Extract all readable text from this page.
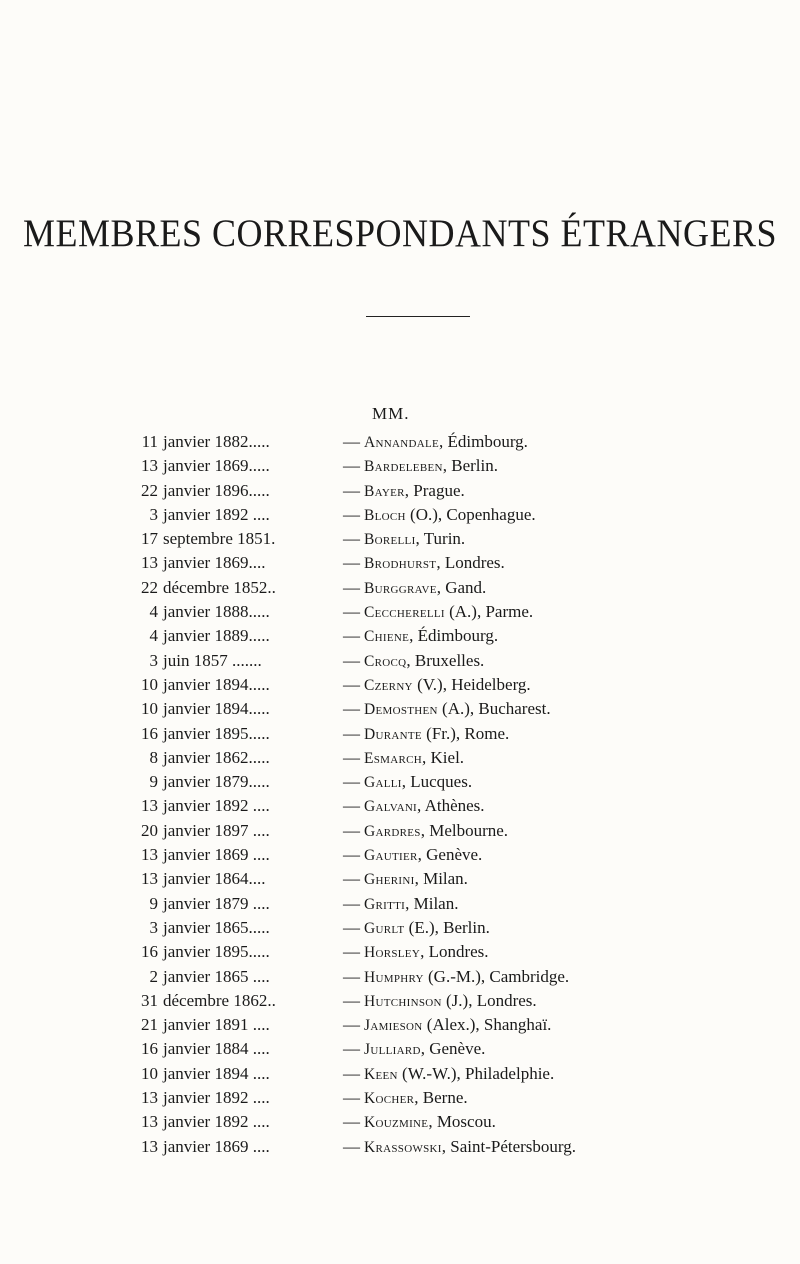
MEMBRES CORRESPONDANTS ÉTRANGERS
MM.
11 janvier 1882.....	— Annandale, Édimbourg.
13 janvier 1869.....	— Bardeleben, Berlin.
22 janvier 1896.....	— Bayer, Prague.
3 janvier 1892 ....	— Bloch (O.), Copenhague.
17 septembre 1851.	— Borelli, Turin.
13 janvier 1869....	— Brodhurst, Londres.
22 décembre 1852..	— Burggrave, Gand.
4 janvier 1888.....	— Ceccherelli (A.), Parme.
4 janvier 1889.....	— Chiene, Édimbourg.
3 juin 1857 .......	— Crocq, Bruxelles.
10 janvier 1894.....	— Czerny (V.), Heidelberg.
10 janvier 1894.....	— Demosthen (A.), Bucharest.
16 janvier 1895.....	— Durante (Fr.), Rome.
8 janvier 1862.....	— Esmarch, Kiel.
9 janvier 1879.....	— Galli, Lucques.
13 janvier 1892 ....	— Galvani, Athènes.
20 janvier 1897 ....	— Gardres, Melbourne.
13 janvier 1869 ....	— Gautier, Genève.
13 janvier 1864....	— Gherini, Milan.
9 janvier 1879 ....	— Gritti, Milan.
3 janvier 1865.....	— Gurlt (E.), Berlin.
16 janvier 1895.....	— Horsley, Londres.
2 janvier 1865 ....	— Humphry (G.-M.), Cambridge.
31 décembre 1862..	— Hutchinson (J.), Londres.
21 janvier 1891 ....	— Jamieson (Alex.), Shanghaï.
16 janvier 1884 ....	— Julliard, Genève.
10 janvier 1894 ....	— Keen (W.-W.), Philadelphie.
13 janvier 1892 ....	— Kocher, Berne.
13 janvier 1892 ....	— Kouzmine, Moscou.
13 janvier 1869 ....	— Krassowski, Saint-Pétersbourg.
